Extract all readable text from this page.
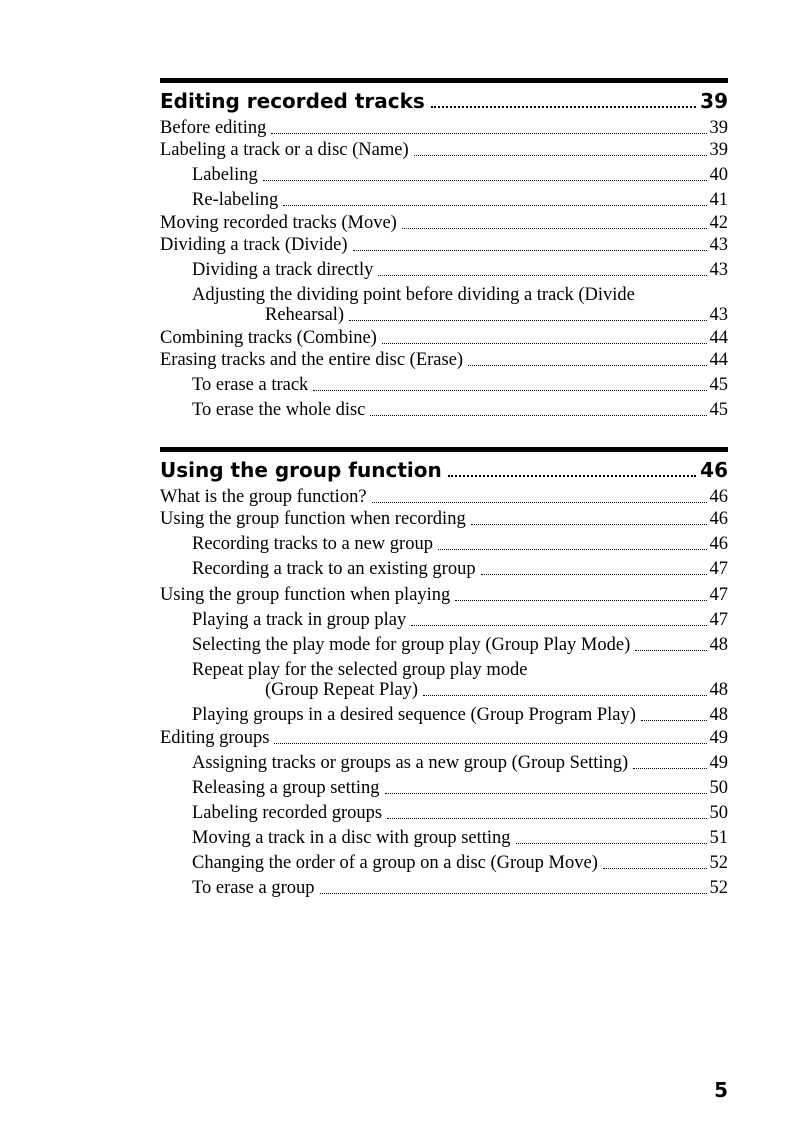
Editing recorded tracks	39
Before editing	39
Labeling a track or a disc (Name)	39
Labeling	40
Re-labeling	41
Moving recorded tracks (Move)	42
Dividing a track (Divide)	43
Dividing a track directly	43
Adjusting the dividing point before dividing a track (Divide
Rehearsal)	43
Combining tracks (Combine)	44
Erasing tracks and the entire disc (Erase)	44
To erase a track	45
To erase the whole disc	45
Using the group function	46
What is the group function?	46
Using the group function when recording	46
Recording tracks to a new group	46
Recording a track to an existing group	47
Using the group function when playing	47
Playing a track in group play	47
Selecting the play mode for group play (Group Play Mode)	48
Repeat play for the selected group play mode
(Group Repeat Play)	48
Playing groups in a desired sequence (Group Program Play)	48
Editing groups	49
Assigning tracks or groups as a new group (Group Setting)	49
Releasing a group setting	50
Labeling recorded groups	50
Moving a track in a disc with group setting	51
Changing the order of a group on a disc (Group Move)	52
To erase a group	52
5
